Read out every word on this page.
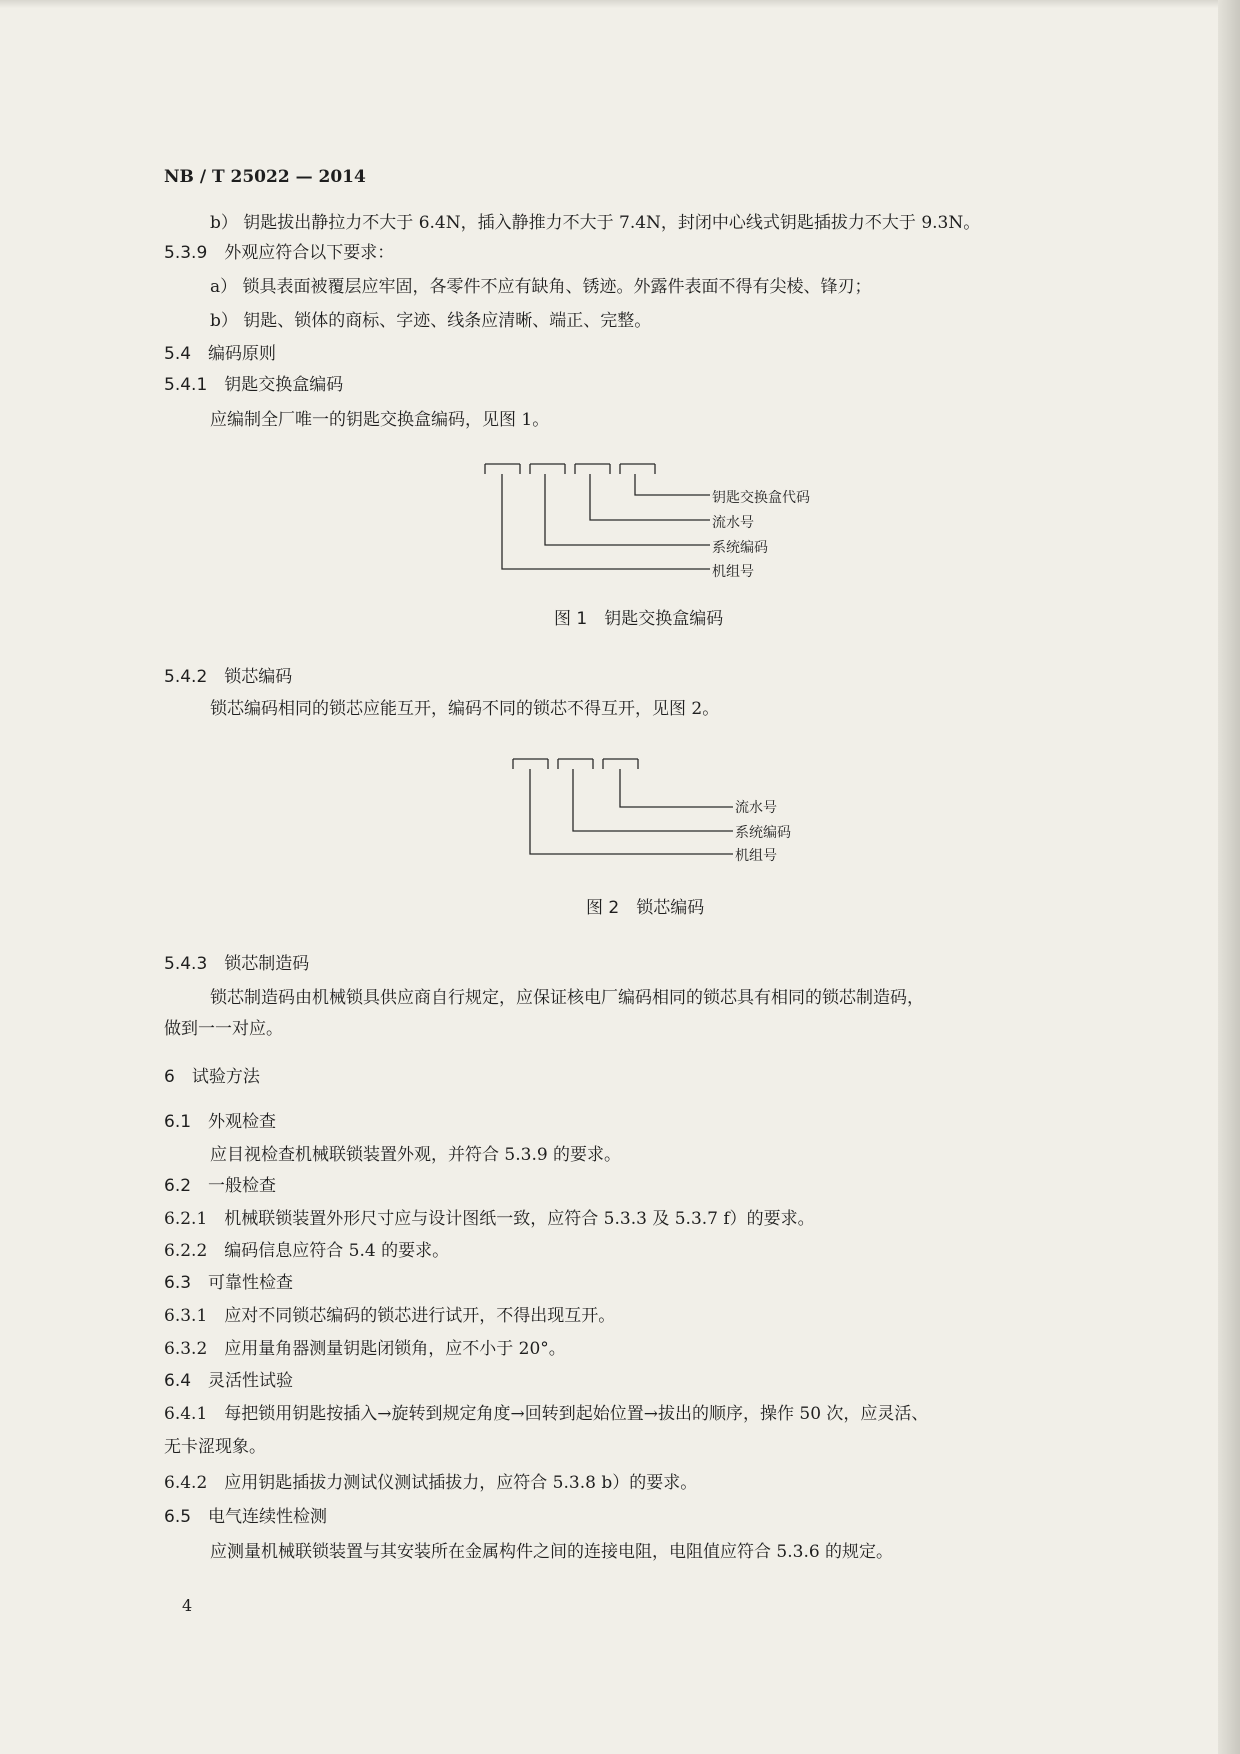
NB / T 25022 — 2014
b） 钥匙拔出静拉力不大于 6.4N，插入静推力不大于 7.4N，封闭中心线式钥匙插拔力不大于 9.3N。
5.3.9　外观应符合以下要求：
a） 锁具表面被覆层应牢固，各零件不应有缺角、锈迹。外露件表面不得有尖棱、锋刃；
b） 钥匙、锁体的商标、字迹、线条应清晰、端正、完整。
5.4　编码原则
5.4.1　钥匙交换盒编码
应编制全厂唯一的钥匙交换盒编码，见图 1。
钥匙交换盒代码
流水号
系统编码
机组号
图 1　钥匙交换盒编码
5.4.2　锁芯编码
锁芯编码相同的锁芯应能互开，编码不同的锁芯不得互开，见图 2。
流水号
系统编码
机组号
图 2　锁芯编码
5.4.3　锁芯制造码
锁芯制造码由机械锁具供应商自行规定，应保证核电厂编码相同的锁芯具有相同的锁芯制造码，
做到一一对应。
6　试验方法
6.1　外观检查
应目视检查机械联锁装置外观，并符合 5.3.9 的要求。
6.2　一般检查
6.2.1　机械联锁装置外形尺寸应与设计图纸一致，应符合 5.3.3 及 5.3.7 f）的要求。
6.2.2　编码信息应符合 5.4 的要求。
6.3　可靠性检查
6.3.1　应对不同锁芯编码的锁芯进行试开，不得出现互开。
6.3.2　应用量角器测量钥匙闭锁角，应不小于 20°。
6.4　灵活性试验
6.4.1　每把锁用钥匙按插入→旋转到规定角度→回转到起始位置→拔出的顺序，操作 50 次，应灵活、
无卡涩现象。
6.4.2　应用钥匙插拔力测试仪测试插拔力，应符合 5.3.8 b）的要求。
6.5　电气连续性检测
应测量机械联锁装置与其安装所在金属构件之间的连接电阻，电阻值应符合 5.3.6 的规定。
4
